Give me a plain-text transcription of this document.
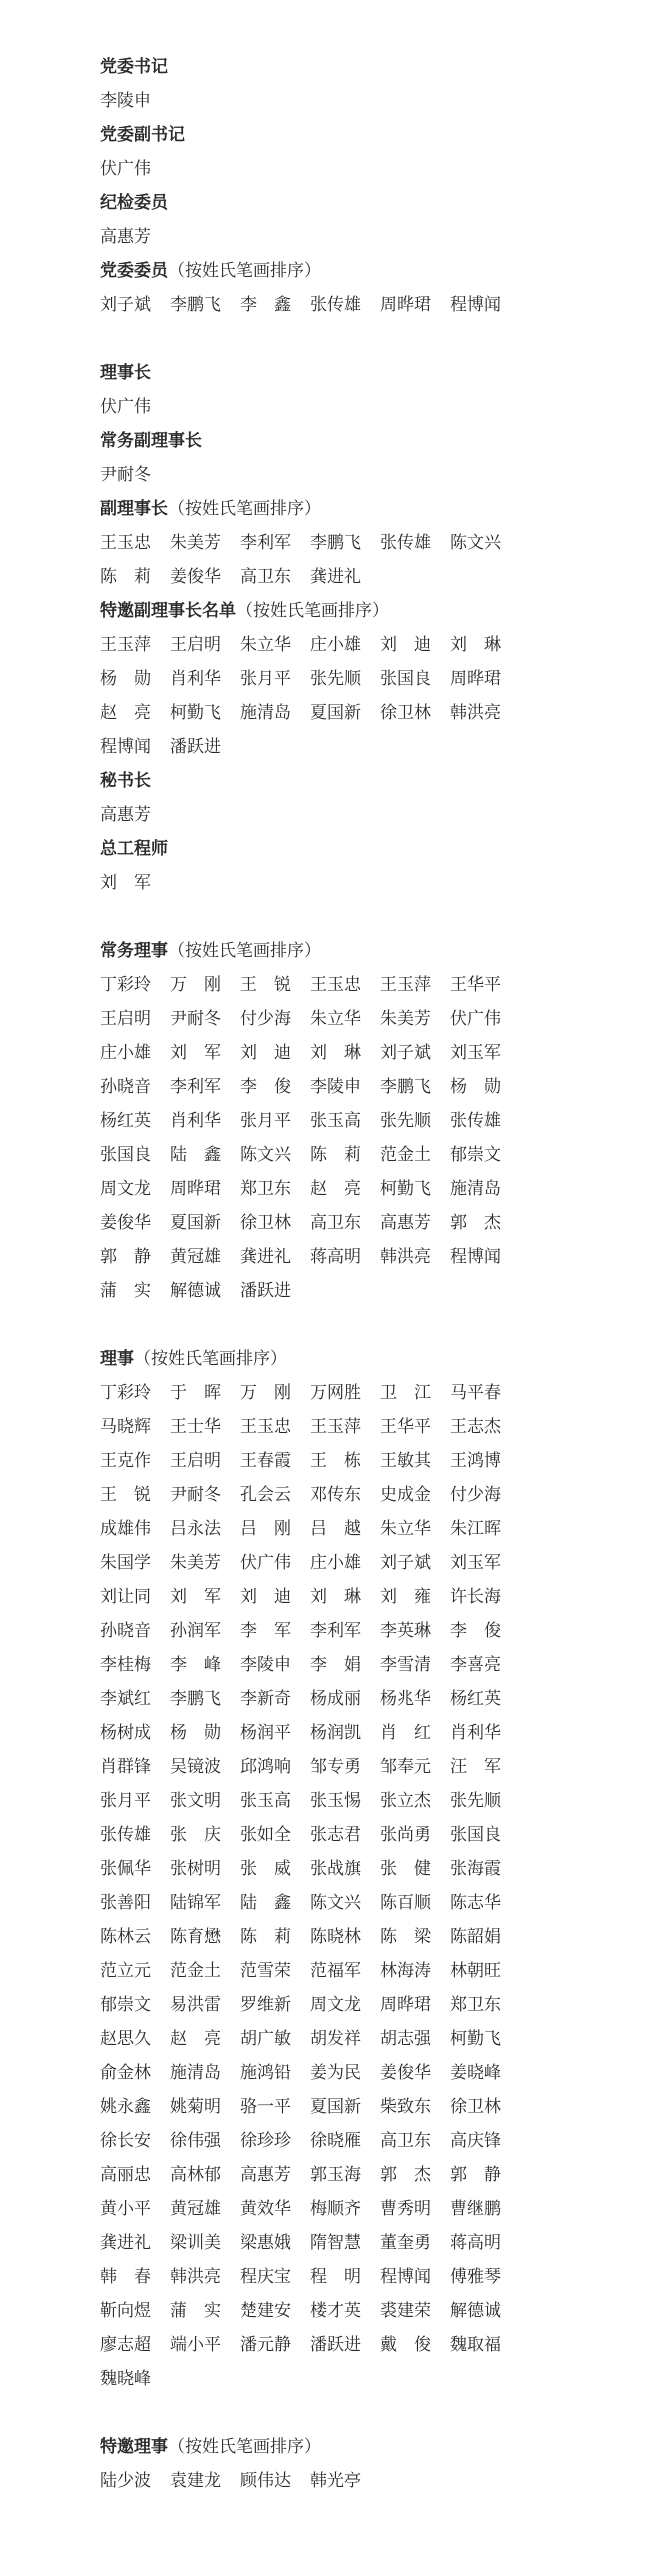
党委书记
李陵申
党委副书记
伏广伟
纪检委员
高惠芳
党委委员（按姓氏笔画排序）
刘子斌	李鹏飞	李　鑫	张传雄	周晔珺	程博闻
理事长
伏广伟
常务副理事长
尹耐冬
副理事长（按姓氏笔画排序）
王玉忠	朱美芳	李利军	李鹏飞	张传雄	陈文兴
陈　莉	姜俊华	高卫东	龚进礼
特邀副理事长名单（按姓氏笔画排序）
王玉萍	王启明	朱立华	庄小雄	刘　迪	刘　琳
杨　勋	肖利华	张月平	张先顺	张国良	周晔珺
赵　亮	柯勤飞	施清岛	夏国新	徐卫林	韩洪亮
程博闻	潘跃进
秘书长
高惠芳
总工程师
刘　军
常务理事（按姓氏笔画排序）
丁彩玲	万　刚	王　锐	王玉忠	王玉萍	王华平
王启明	尹耐冬	付少海	朱立华	朱美芳	伏广伟
庄小雄	刘　军	刘　迪	刘　琳	刘子斌	刘玉军
孙晓音	李利军	李　俊	李陵申	李鹏飞	杨　勋
杨红英	肖利华	张月平	张玉高	张先顺	张传雄
张国良	陆　鑫	陈文兴	陈　莉	范金土	郁崇文
周文龙	周晔珺	郑卫东	赵　亮	柯勤飞	施清岛
姜俊华	夏国新	徐卫林	高卫东	高惠芳	郭　杰
郭　静	黄冠雄	龚进礼	蒋高明	韩洪亮	程博闻
蒲　实	解德诚	潘跃进
理事（按姓氏笔画排序）
丁彩玲	于　晖	万　刚	万网胜	卫　江	马平春
马晓辉	王士华	王玉忠	王玉萍	王华平	王志杰
王克作	王启明	王春霞	王　栋	王敏其	王鸿博
王　锐	尹耐冬	孔会云	邓传东	史成金	付少海
成雄伟	吕永法	吕　刚	吕　越	朱立华	朱江晖
朱国学	朱美芳	伏广伟	庄小雄	刘子斌	刘玉军
刘让同	刘　军	刘　迪	刘　琳	刘　雍	许长海
孙晓音	孙润军	李　军	李利军	李英琳	李　俊
李桂梅	李　峰	李陵申	李　娟	李雪清	李喜亮
李斌红	李鹏飞	李新奇	杨成丽	杨兆华	杨红英
杨树成	杨　勋	杨润平	杨润凯	肖　红	肖利华
肖群锋	吴镜波	邱鸿响	邹专勇	邹奉元	汪　军
张月平	张文明	张玉高	张玉惕	张立杰	张先顺
张传雄	张　庆	张如全	张志君	张尚勇	张国良
张佩华	张树明	张　威	张战旗	张　健	张海霞
张善阳	陆锦军	陆　鑫	陈文兴	陈百顺	陈志华
陈林云	陈育懋	陈　莉	陈晓林	陈　梁	陈韶娟
范立元	范金土	范雪荣	范福军	林海涛	林朝旺
郁崇文	易洪雷	罗维新	周文龙	周晔珺	郑卫东
赵思久	赵　亮	胡广敏	胡发祥	胡志强	柯勤飞
俞金林	施清岛	施鸿铅	姜为民	姜俊华	姜晓峰
姚永鑫	姚菊明	骆一平	夏国新	柴致东	徐卫林
徐长安	徐伟强	徐珍珍	徐晓雁	高卫东	高庆锋
高丽忠	高林郁	高惠芳	郭玉海	郭　杰	郭　静
黄小平	黄冠雄	黄效华	梅顺齐	曹秀明	曹继鹏
龚进礼	梁训美	梁惠娥	隋智慧	董奎勇	蒋高明
韩　春	韩洪亮	程庆宝	程　明	程博闻	傅雅琴
靳向煜	蒲　实	楚建安	楼才英	裘建荣	解德诚
廖志超	端小平	潘元静	潘跃进	戴　俊	魏取福
魏晓峰
特邀理事（按姓氏笔画排序）
陆少波	袁建龙	顾伟达	韩光亭
